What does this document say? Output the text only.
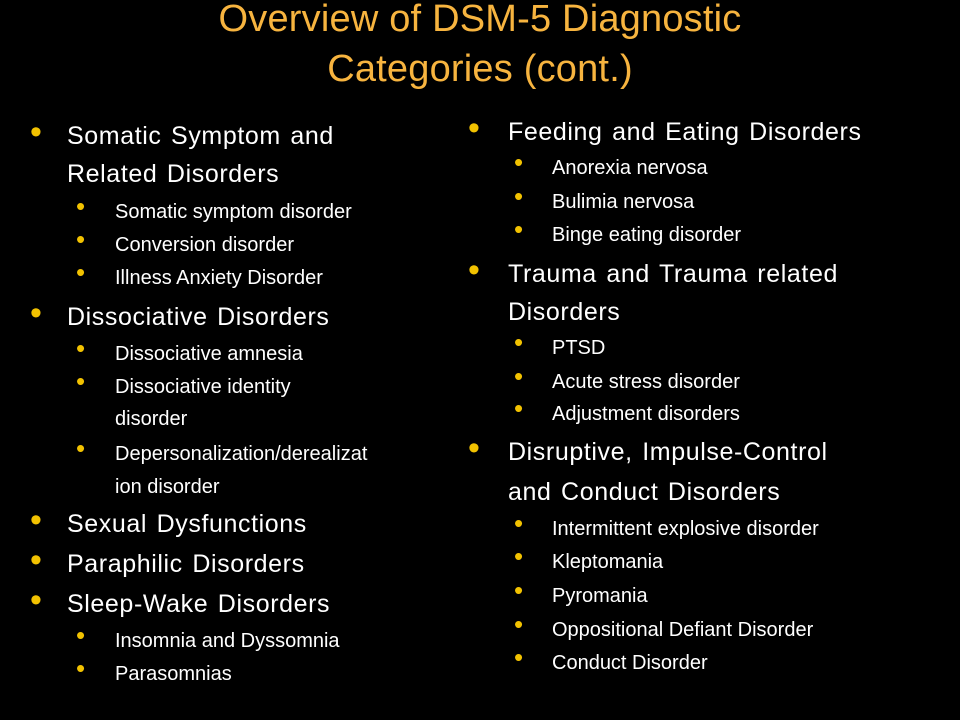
Overview of DSM-5 Diagnostic
Categories (cont.)
• Somatic Symptom and
Related Disorders
• Somatic symptom disorder
• Conversion disorder
• Illness Anxiety Disorder
• Dissociative Disorders
• Dissociative amnesia
• Dissociative identity
disorder
• Depersonalization/derealizat
ion disorder
• Sexual Dysfunctions
• Paraphilic Disorders
• Sleep-Wake Disorders
• Insomnia and Dyssomnia
• Parasomnias
• Feeding and Eating Disorders
• Anorexia nervosa
• Bulimia nervosa
• Binge eating disorder
• Trauma and Trauma related
Disorders
• PTSD
• Acute stress disorder
• Adjustment disorders
• Disruptive, Impulse-Control
and Conduct Disorders
• Intermittent explosive disorder
• Kleptomania
• Pyromania
• Oppositional Defiant Disorder
• Conduct Disorder
